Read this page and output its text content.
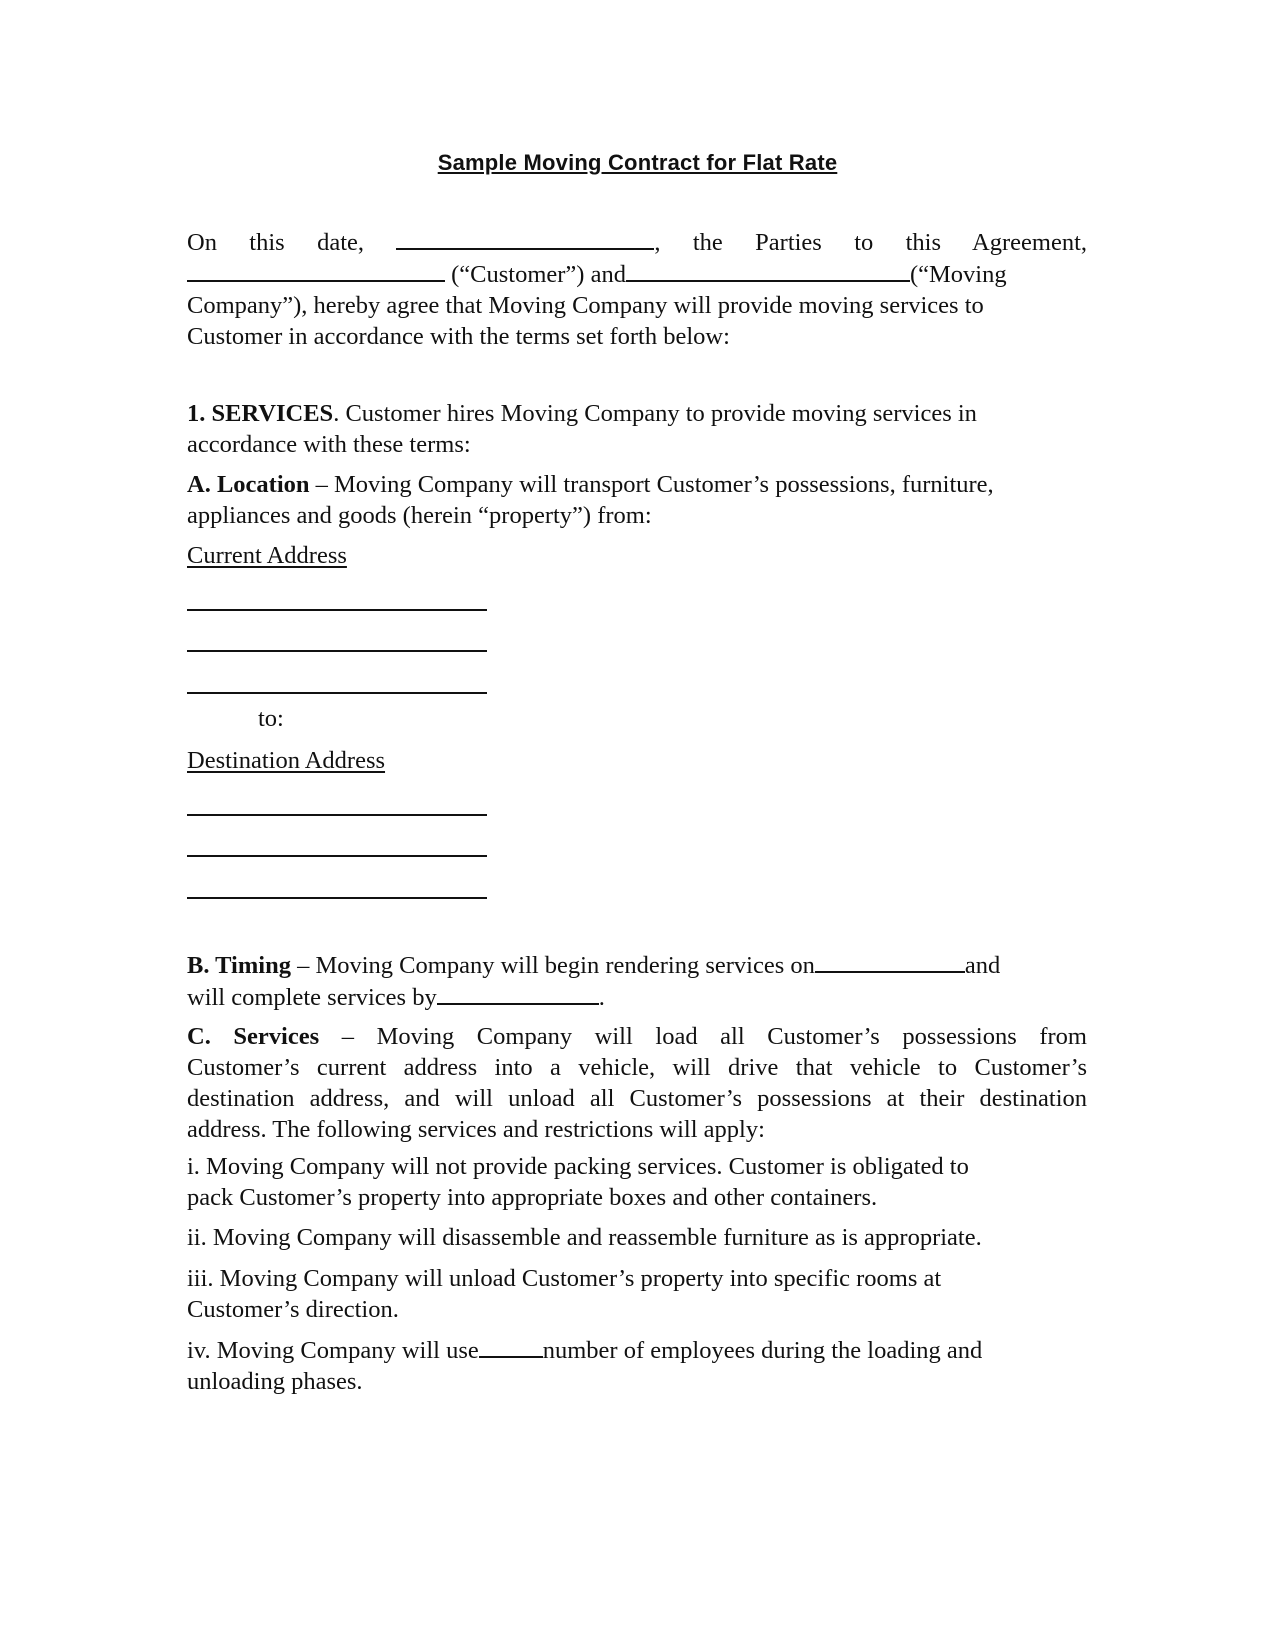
Sample Moving Contract for Flat Rate
On this date,	, the Parties to this Agreement,
(“Customer”) and	(“Moving
Company”), hereby agree that Moving Company will provide moving services to
Customer in accordance with the terms set forth below:
1. SERVICES. Customer hires Moving Company to provide moving services in
accordance with these terms:
A. Location – Moving Company will transport Customer’s possessions, furniture,
appliances and goods (herein “property”) from:
Current Address
to:
Destination Address
B. Timing – Moving Company will begin rendering services on	and
will complete services by	.
C. Services – Moving Company will load all Customer’s possessions from
Customer’s current address into a vehicle, will drive that vehicle to Customer’s
destination address, and will unload all Customer’s possessions at their destination
address. The following services and restrictions will apply:
i. Moving Company will not provide packing services. Customer is obligated to
pack Customer’s property into appropriate boxes and other containers.
ii. Moving Company will disassemble and reassemble furniture as is appropriate.
iii. Moving Company will unload Customer’s property into specific rooms at
Customer’s direction.
iv. Moving Company will use	number of employees during the loading and
unloading phases.
